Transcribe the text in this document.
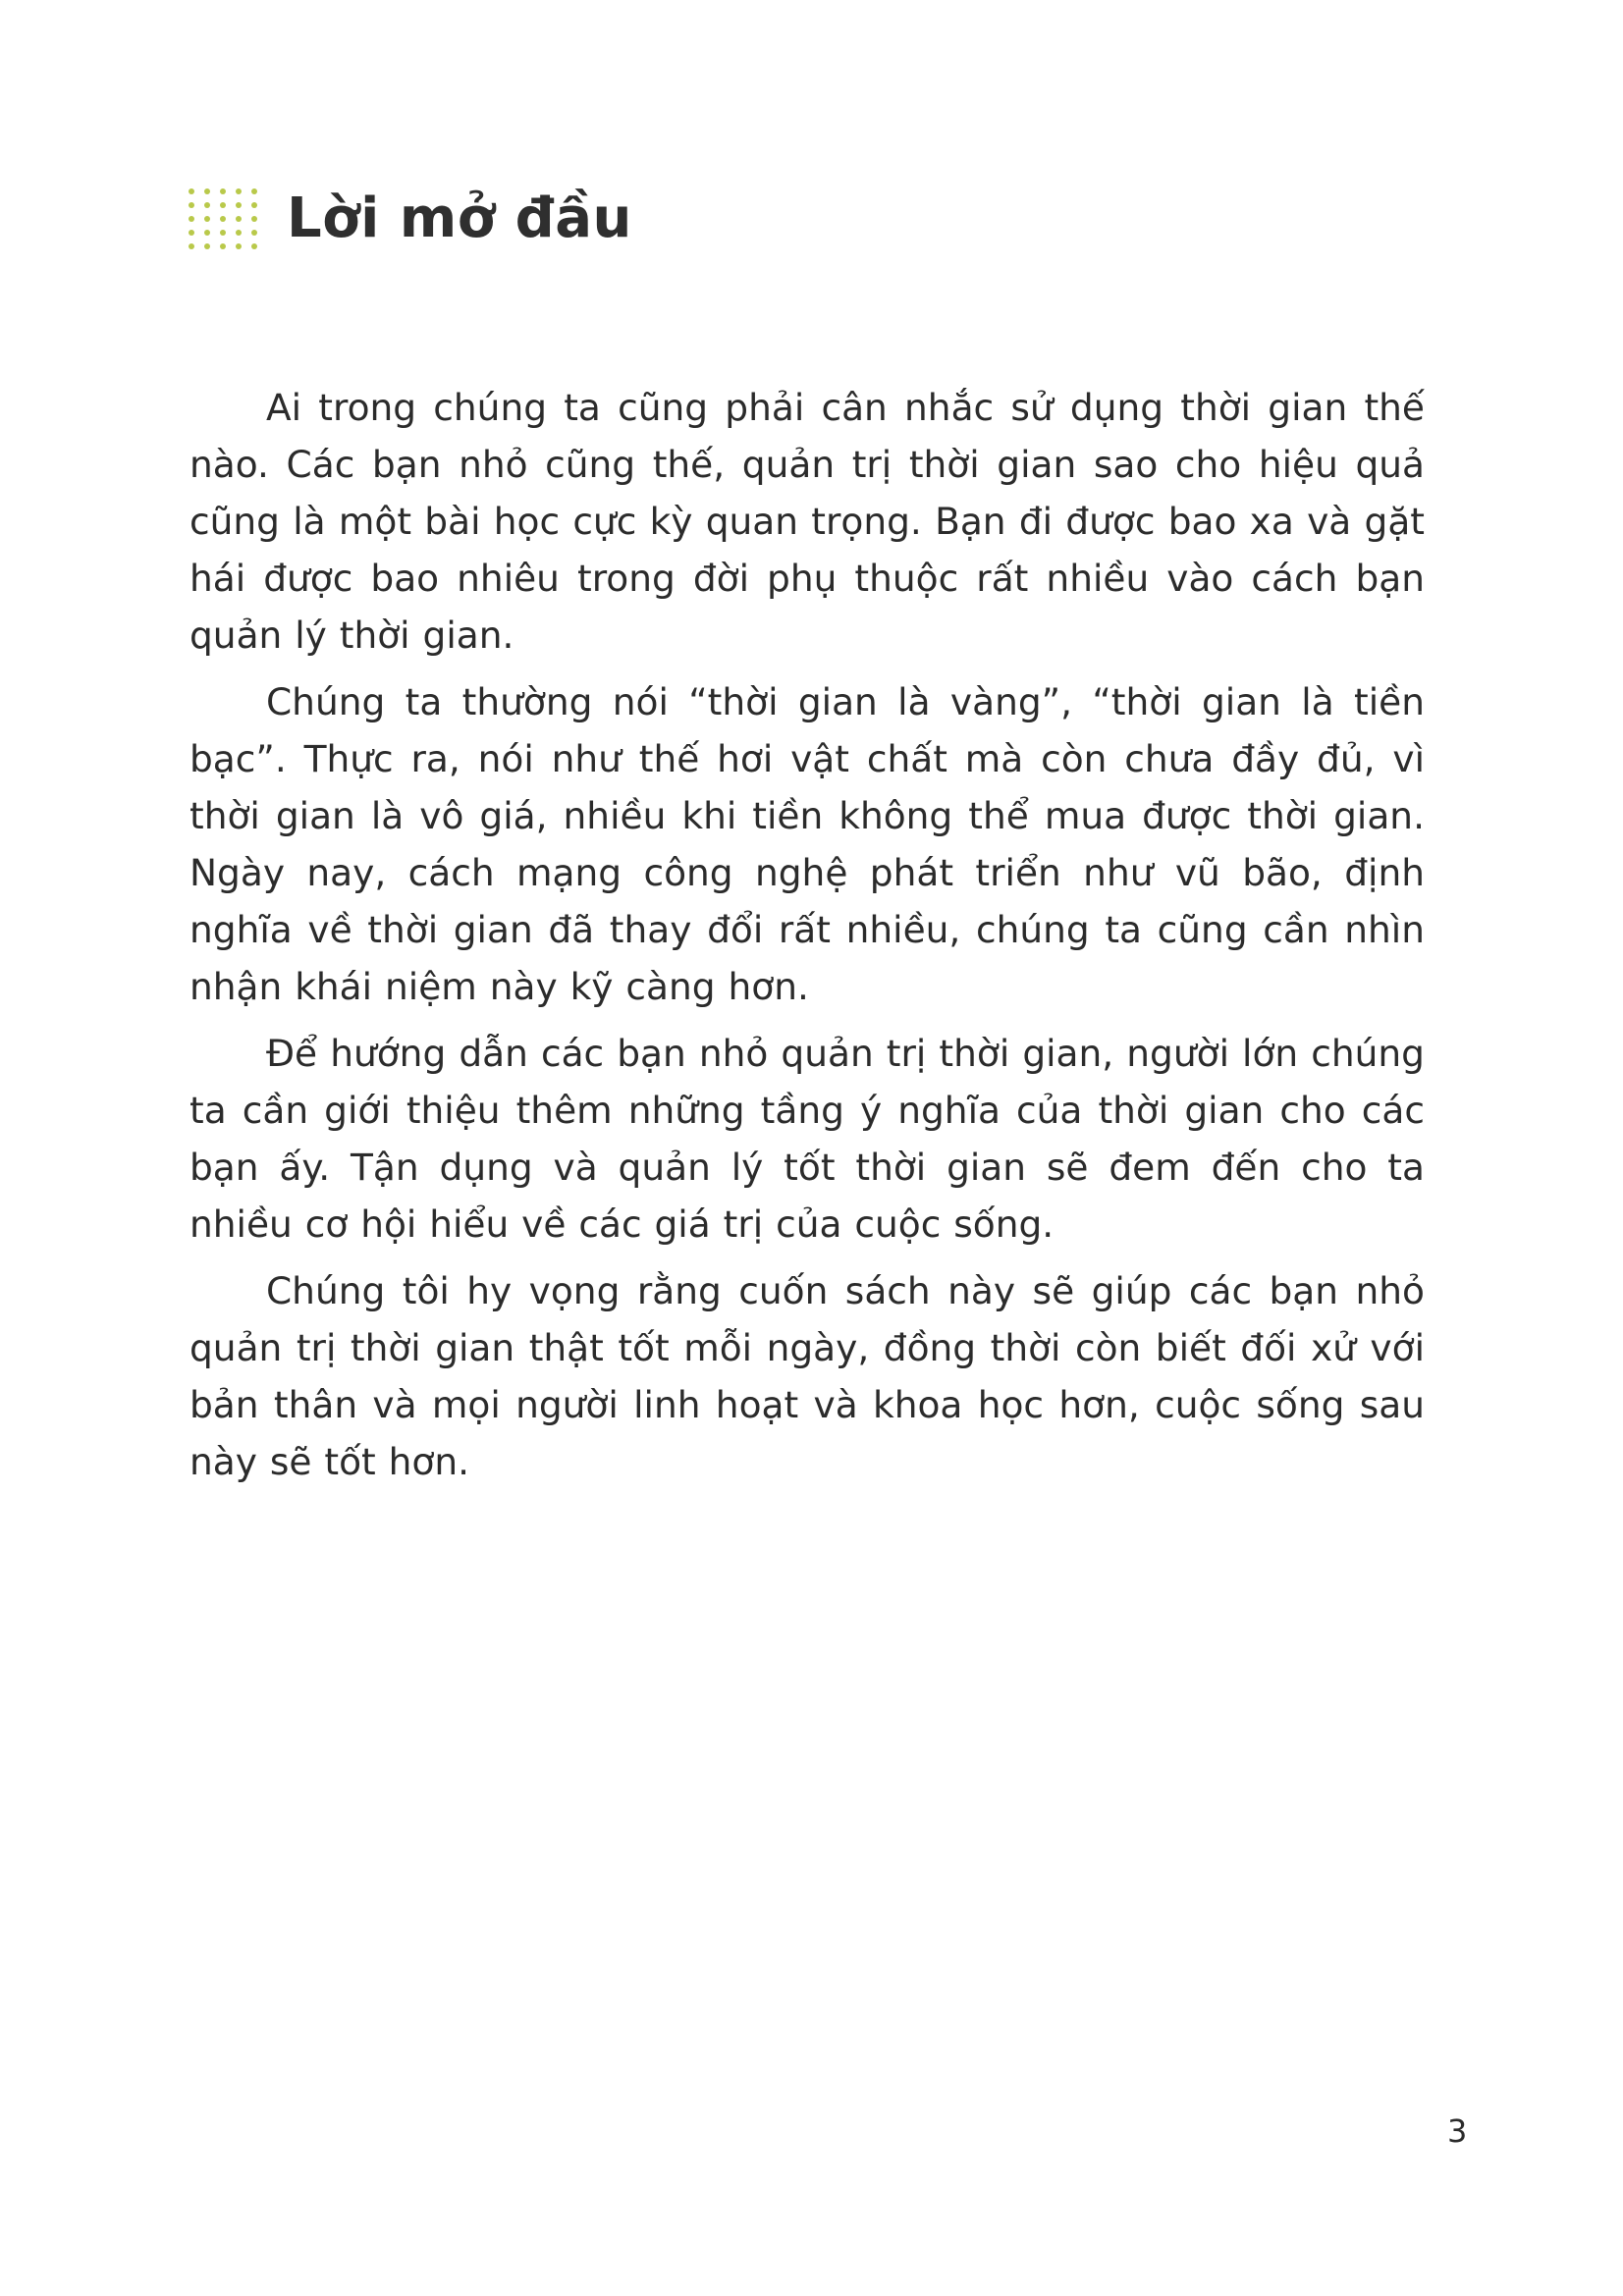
Lời mở đầu

Ai trong chúng ta cũng phải cân nhắc sử dụng thời gian thế nào. Các bạn nhỏ cũng thế, quản trị thời gian sao cho hiệu quả cũng là một bài học cực kỳ quan trọng. Bạn đi được bao xa và gặt hái được bao nhiêu trong đời phụ thuộc rất nhiều vào cách bạn quản lý thời gian.

Chúng ta thường nói “thời gian là vàng”, “thời gian là tiền bạc”. Thực ra, nói như thế hơi vật chất mà còn chưa đầy đủ, vì thời gian là vô giá, nhiều khi tiền không thể mua được thời gian. Ngày nay, cách mạng công nghệ phát triển như vũ bão, định nghĩa về thời gian đã thay đổi rất nhiều, chúng ta cũng cần nhìn nhận khái niệm này kỹ càng hơn.

Để hướng dẫn các bạn nhỏ quản trị thời gian, người lớn chúng ta cần giới thiệu thêm những tầng ý nghĩa của thời gian cho các bạn ấy. Tận dụng và quản lý tốt thời gian sẽ đem đến cho ta nhiều cơ hội hiểu về các giá trị của cuộc sống.

Chúng tôi hy vọng rằng cuốn sách này sẽ giúp các bạn nhỏ quản trị thời gian thật tốt mỗi ngày, đồng thời còn biết đối xử với bản thân và mọi người linh hoạt và khoa học hơn, cuộc sống sau này sẽ tốt hơn.

3
